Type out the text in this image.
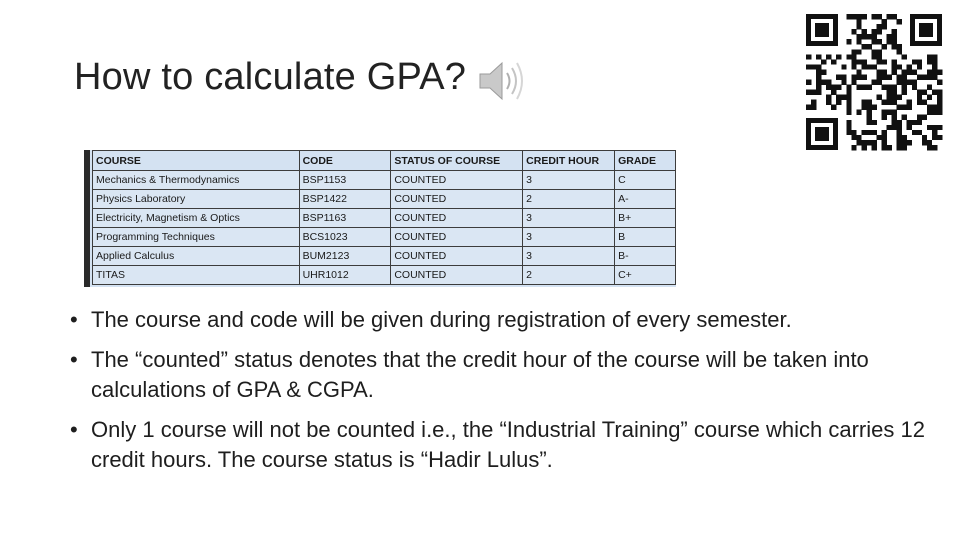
How to calculate GPA?
COURSE	CODE	STATUS OF COURSE	CREDIT HOUR	GRADE
Mechanics & Thermodynamics	BSP1153	COUNTED	3	C
Physics Laboratory	BSP1422	COUNTED	2	A-
Electricity, Magnetism & Optics	BSP1163	COUNTED	3	B+
Programming Techniques	BCS1023	COUNTED	3	B
Applied Calculus	BUM2123	COUNTED	3	B-
TITAS	UHR1012	COUNTED	2	C+
• The course and code will be given during registration of every semester.
• The “counted” status denotes that the credit hour of the course will be taken into calculations of GPA & CGPA.
• Only 1 course will not be counted i.e., the “Industrial Training” course which carries 12 credit hours. The course status is “Hadir Lulus”.
